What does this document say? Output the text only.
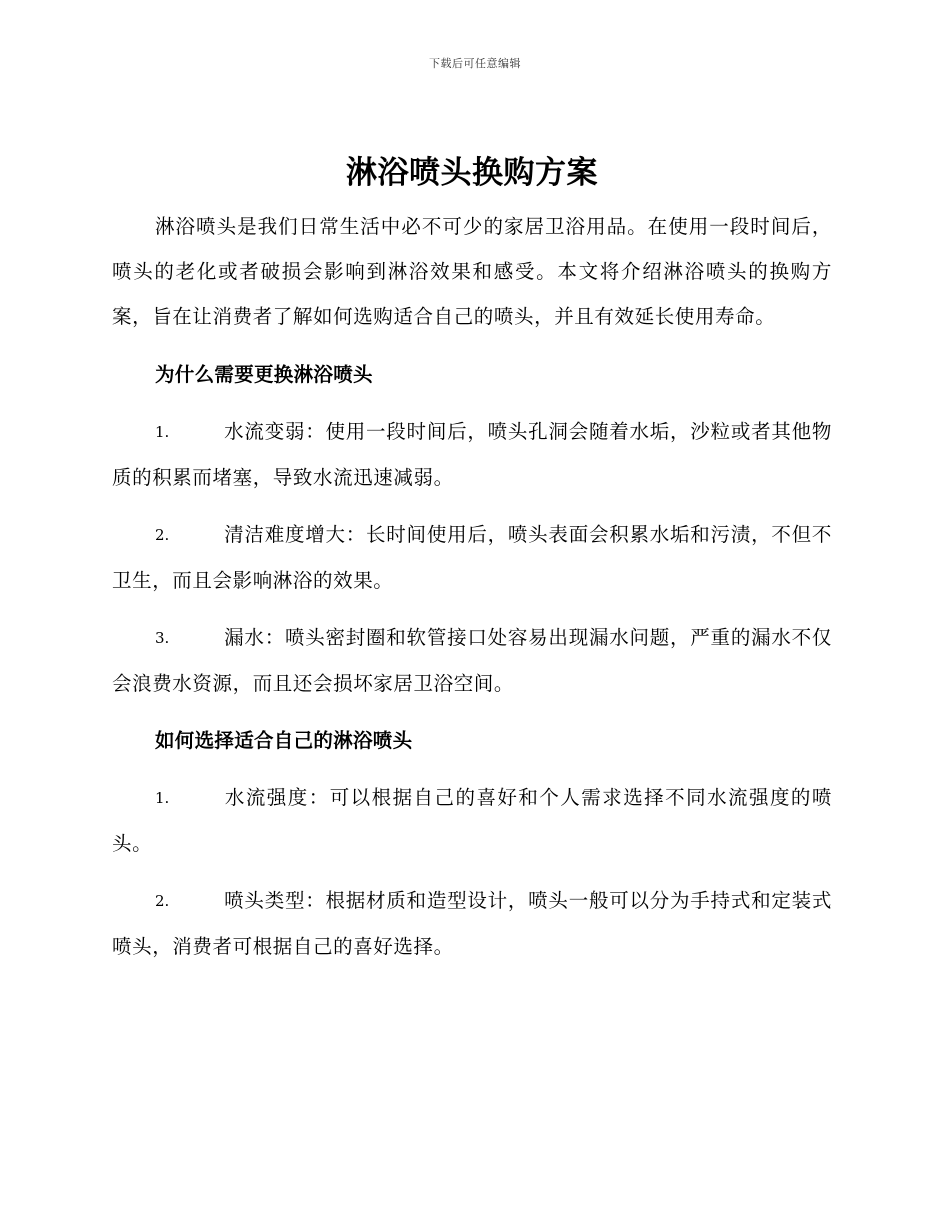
下载后可任意编辑
淋浴喷头换购方案

淋浴喷头是我们日常生活中必不可少的家居卫浴用品。在使用一段时间后，喷头的老化或者破损会影响到淋浴效果和感受。本文将介绍淋浴喷头的换购方案，旨在让消费者了解如何选购适合自己的喷头，并且有效延长使用寿命。

为什么需要更换淋浴喷头

1.	水流变弱：使用一段时间后，喷头孔洞会随着水垢，沙粒或者其他物质的积累而堵塞，导致水流迅速减弱。

2.	清洁难度增大：长时间使用后，喷头表面会积累水垢和污渍，不但不卫生，而且会影响淋浴的效果。

3.	漏水：喷头密封圈和软管接口处容易出现漏水问题，严重的漏水不仅会浪费水资源，而且还会损坏家居卫浴空间。

如何选择适合自己的淋浴喷头

1.	水流强度：可以根据自己的喜好和个人需求选择不同水流强度的喷头。

2.	喷头类型：根据材质和造型设计，喷头一般可以分为手持式和定装式喷头，消费者可根据自己的喜好选择。
